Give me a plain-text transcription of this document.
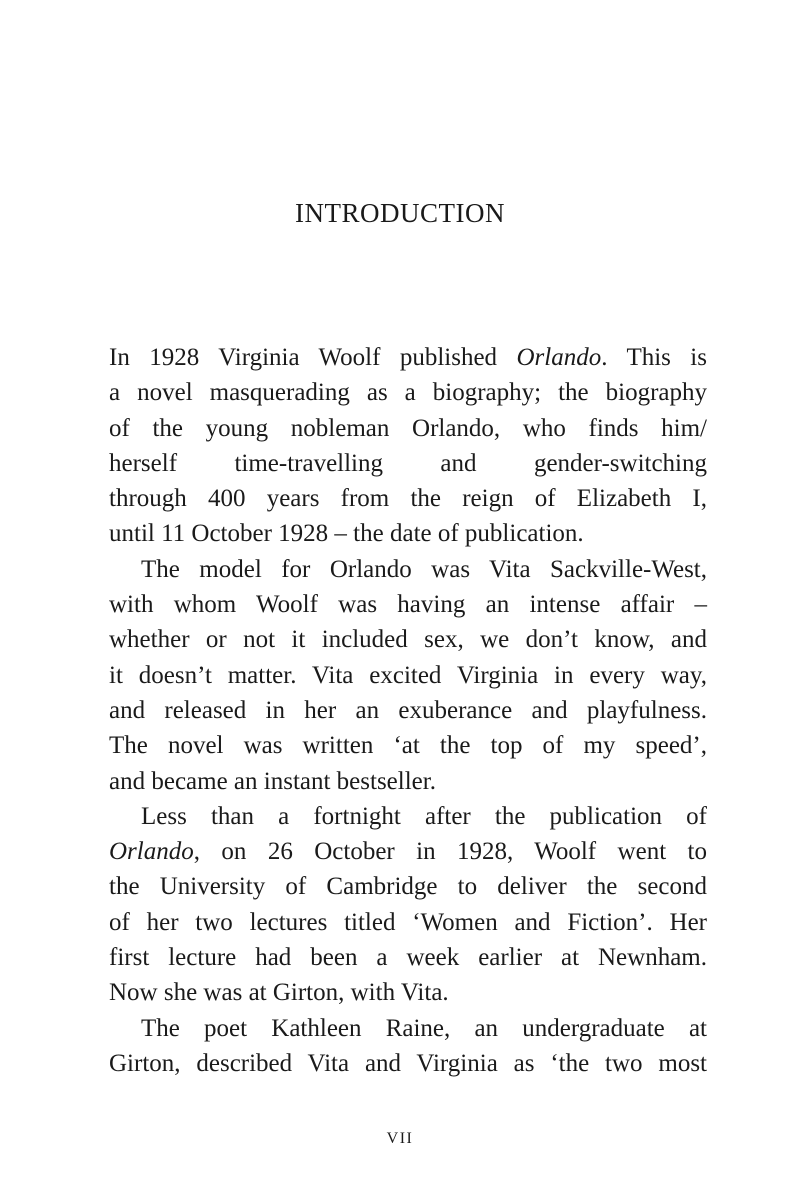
INTRODUCTION
In 1928 Virginia Woolf published Orlando. This is
a novel masquerading as a biography; the biography
of the young nobleman Orlando, who finds him/
herself time-travelling and gender-switching
through 400 years from the reign of Elizabeth I,
until 11 October 1928 – the date of publication.
The model for Orlando was Vita Sackville-West,
with whom Woolf was having an intense affair –
whether or not it included sex, we don’t know, and
it doesn’t matter. Vita excited Virginia in every way,
and released in her an exuberance and playfulness.
The novel was written ‘at the top of my speed’,
and became an instant bestseller.
Less than a fortnight after the publication of
Orlando, on 26 October in 1928, Woolf went to
the University of Cambridge to deliver the second
of her two lectures titled ‘Women and Fiction’. Her
first lecture had been a week earlier at Newnham.
Now she was at Girton, with Vita.
The poet Kathleen Raine, an undergraduate at
Girton, described Vita and Virginia as ‘the two most
VII
